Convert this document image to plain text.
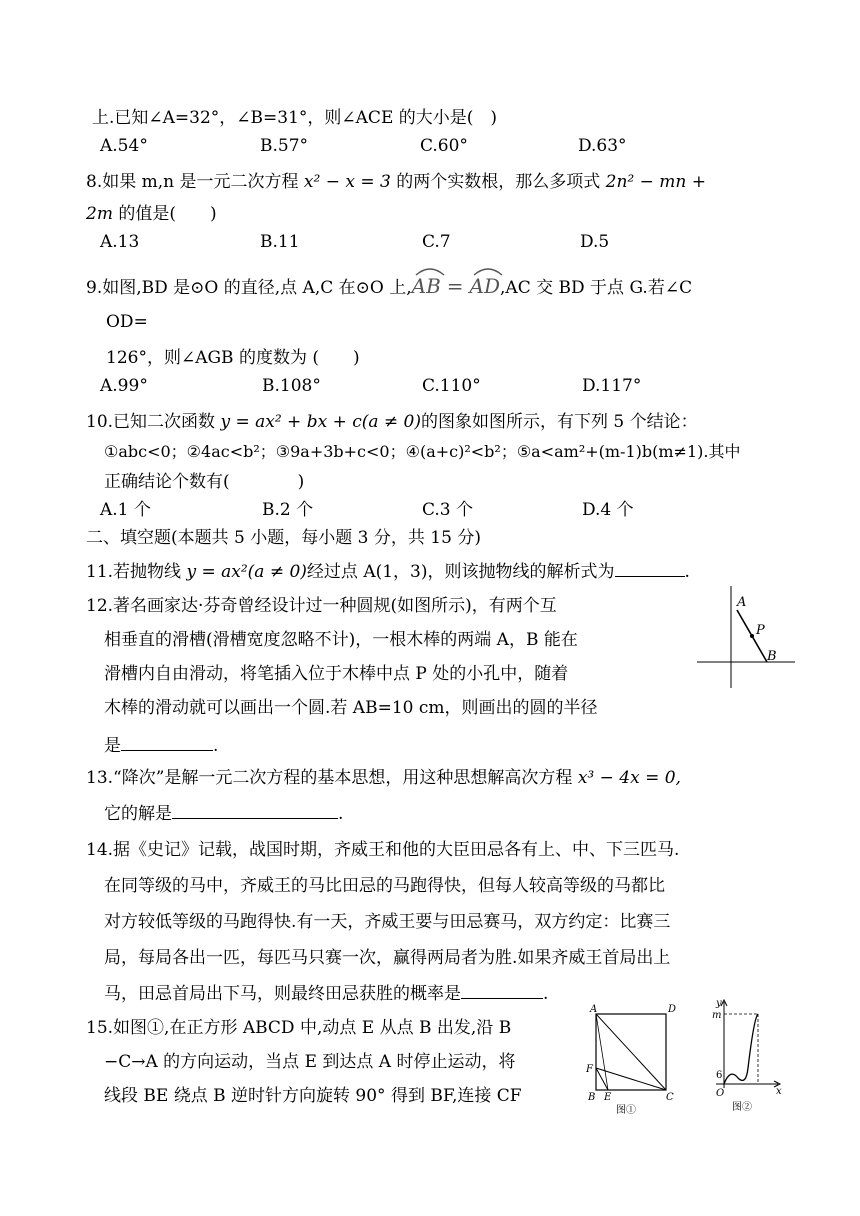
上.已知∠A=32°，∠B=31°，则∠ACE 的大小是(　)
A.54°	B.57°	C.60°	D.63°
8.如果 m,n 是一元二次方程 x² − x = 3 的两个实数根，那么多项式 2n² − mn +
2m 的值是(　　)
A.13	B.11	C.7	D.5
9.如图,BD 是⊙O 的直径,点 A,C 在⊙O 上,
AB = AD,AC 交 BD 于点 G.若∠C
OD=
126°，则∠AGB 的度数为 (　　)
A.99°	B.108°	C.110°	D.117°
10.已知二次函数 y = ax² + bx + c(a ≠ 0)的图象如图所示，有下列 5 个结论：
①abc<0；②4ac<b²；③9a+3b+c<0；④(a+c)²<b²；⑤a<am²+(m-1)b(m≠1).其中
正确结论个数有(　　　　)
A.1 个	B.2 个	C.3 个	D.4 个
二、填空题(本题共 5 小题，每小题 3 分，共 15 分)
11.若抛物线 y = ax²(a ≠ 0)经过点 A(1，3)，则该抛物线的解析式为	.
12.著名画家达·芬奇曾经设计过一种圆规(如图所示)，有两个互
相垂直的滑槽(滑槽宽度忽略不计)，一根木棒的两端 A，B 能在
滑槽内自由滑动，将笔插入位于木棒中点 P 处的小孔中，随着
木棒的滑动就可以画出一个圆.若 AB=10 cm，则画出的圆的半径
是	.
A
P
B
13.“降次”是解一元二次方程的基本思想，用这种思想解高次方程 x³ − 4x = 0,
它的解是	.
14.据《史记》记载，战国时期，齐威王和他的大臣田忌各有上、中、下三匹马.
在同等级的马中，齐威王的马比田忌的马跑得快，但每人较高等级的马都比
对方较低等级的马跑得快.有一天，齐威王要与田忌赛马，双方约定：比赛三
局，每局各出一匹，每匹马只赛一次，赢得两局者为胜.如果齐威王首局出上
马，田忌首局出下马，则最终田忌获胜的概率是	.
15.如图①,在正方形 ABCD 中,动点 E 从点 B 出发,沿 B
−C→A 的方向运动，当点 E 到达点 A 时停止运动，将
线段 BE 绕点 B 逆时针方向旋转 90° 得到 BF,连接 CF
A	D
F
B E	C
图①
y
m
6
O	x
图②
